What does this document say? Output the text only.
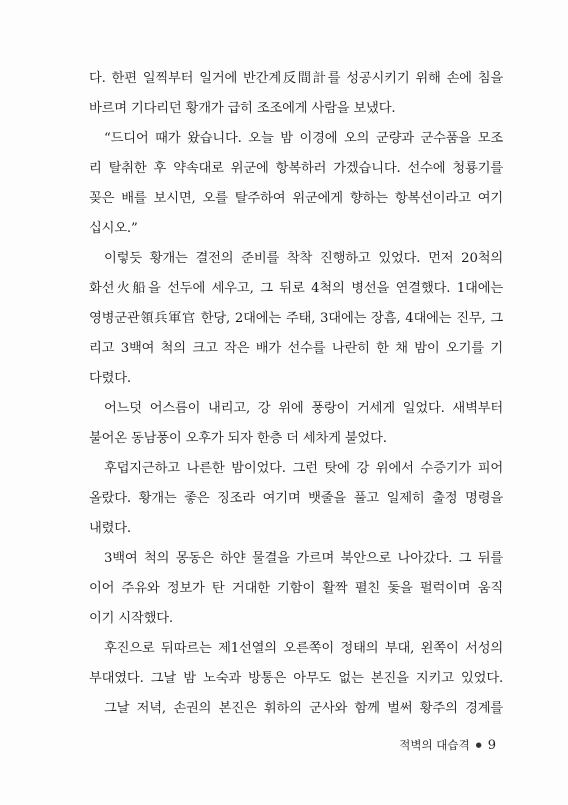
다. 한편 일찍부터 일거에 반간계反間計를 성공시키기 위해 손에 침을
바르며 기다리던 황개가 급히 조조에게 사람을 보냈다.
“드디어 때가 왔습니다. 오늘 밤 이경에 오의 군량과 군수품을 모조
리 탈취한 후 약속대로 위군에 항복하러 가겠습니다. 선수에 청룡기를
꽂은 배를 보시면, 오를 탈주하여 위군에게 향하는 항복선이라고 여기
십시오.”
이렇듯 황개는 결전의 준비를 착착 진행하고 있었다. 먼저 20척의
화선火船을 선두에 세우고, 그 뒤로 4척의 병선을 연결했다. 1대에는
영병군관領兵軍官 한당, 2대에는 주태, 3대에는 장흠, 4대에는 진무, 그
리고 3백여 척의 크고 작은 배가 선수를 나란히 한 채 밤이 오기를 기
다렸다.
어느덧 어스름이 내리고, 강 위에 풍랑이 거세게 일었다. 새벽부터
불어온 동남풍이 오후가 되자 한층 더 세차게 불었다.
후덥지근하고 나른한 밤이었다. 그런 탓에 강 위에서 수증기가 피어
올랐다. 황개는 좋은 징조라 여기며 뱃줄을 풀고 일제히 출정 명령을
내렸다.
3백여 척의 몽동은 하얀 물결을 가르며 북안으로 나아갔다. 그 뒤를
이어 주유와 정보가 탄 거대한 기함이 활짝 펼친 돛을 펄럭이며 움직
이기 시작했다.
후진으로 뒤따르는 제1선열의 오른쪽이 정태의 부대, 왼쪽이 서성의
부대였다. 그날 밤 노숙과 방통은 아무도 없는 본진을 지키고 있었다.
그날 저녁, 손권의 본진은 휘하의 군사와 함께 벌써 황주의 경계를
적벽의 대습격 ● 9
